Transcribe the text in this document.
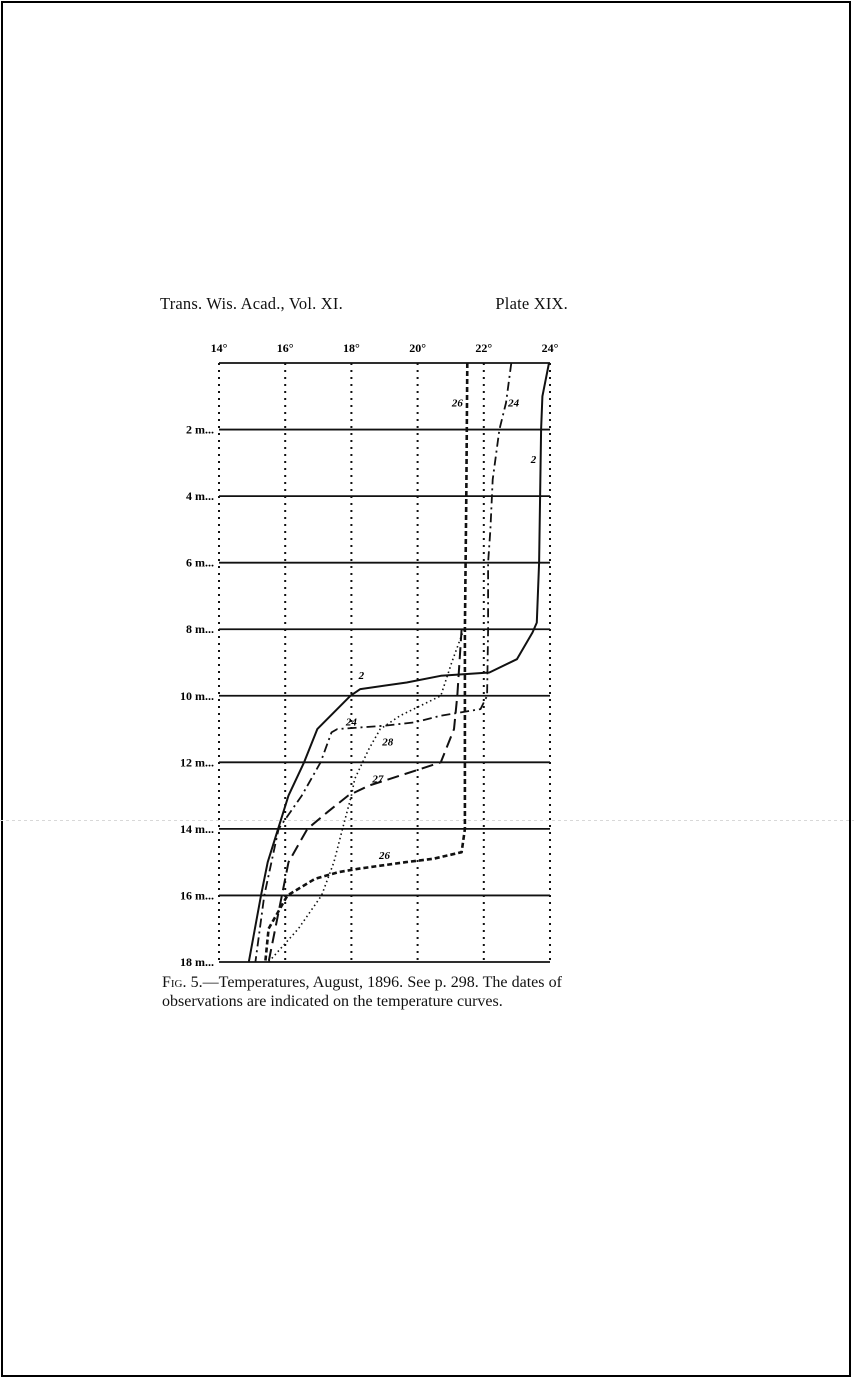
Trans. Wis. Acad., Vol. XI.	Plate XIX.
14°	16°	18°	20°	22°	24°
2 m...
4 m...
6 m...
8 m...
10 m...
12 m...
14 m...
16 m...
18 m...
2
2
24
24
26
26
27
28
Fig. 5.—Temperatures, August, 1896. See p. 298. The dates of observations are indicated on the temperature curves.
